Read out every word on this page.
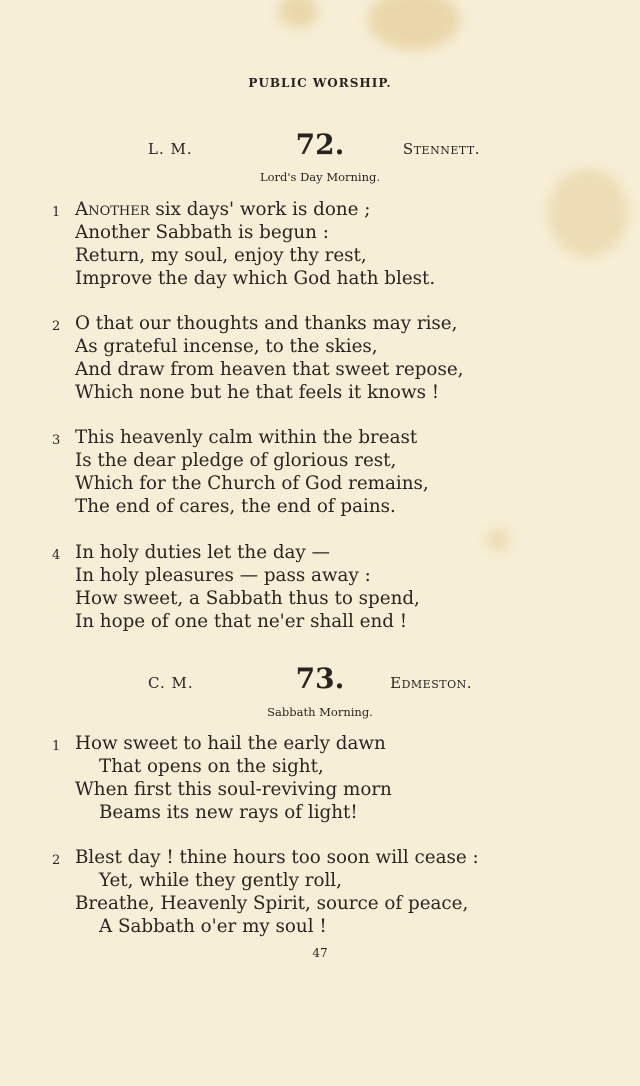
PUBLIC WORSHIP.
L. M.	72.	Stennett.
Lord's Day Morning.
1 Another six days' work is done ;
Another Sabbath is begun :
Return, my soul, enjoy thy rest,
Improve the day which God hath blest.
2 O that our thoughts and thanks may rise,
As grateful incense, to the skies,
And draw from heaven that sweet repose,
Which none but he that feels it knows !
3 This heavenly calm within the breast
Is the dear pledge of glorious rest,
Which for the Church of God remains,
The end of cares, the end of pains.
4 In holy duties let the day —
In holy pleasures — pass away :
How sweet, a Sabbath thus to spend,
In hope of one that ne'er shall end !
C. M.	73.	Edmeston.
Sabbath Morning.
1 How sweet to hail the early dawn
That opens on the sight,
When first this soul-reviving morn
Beams its new rays of light!
2 Blest day ! thine hours too soon will cease :
Yet, while they gently roll,
Breathe, Heavenly Spirit, source of peace,
A Sabbath o'er my soul !
47
